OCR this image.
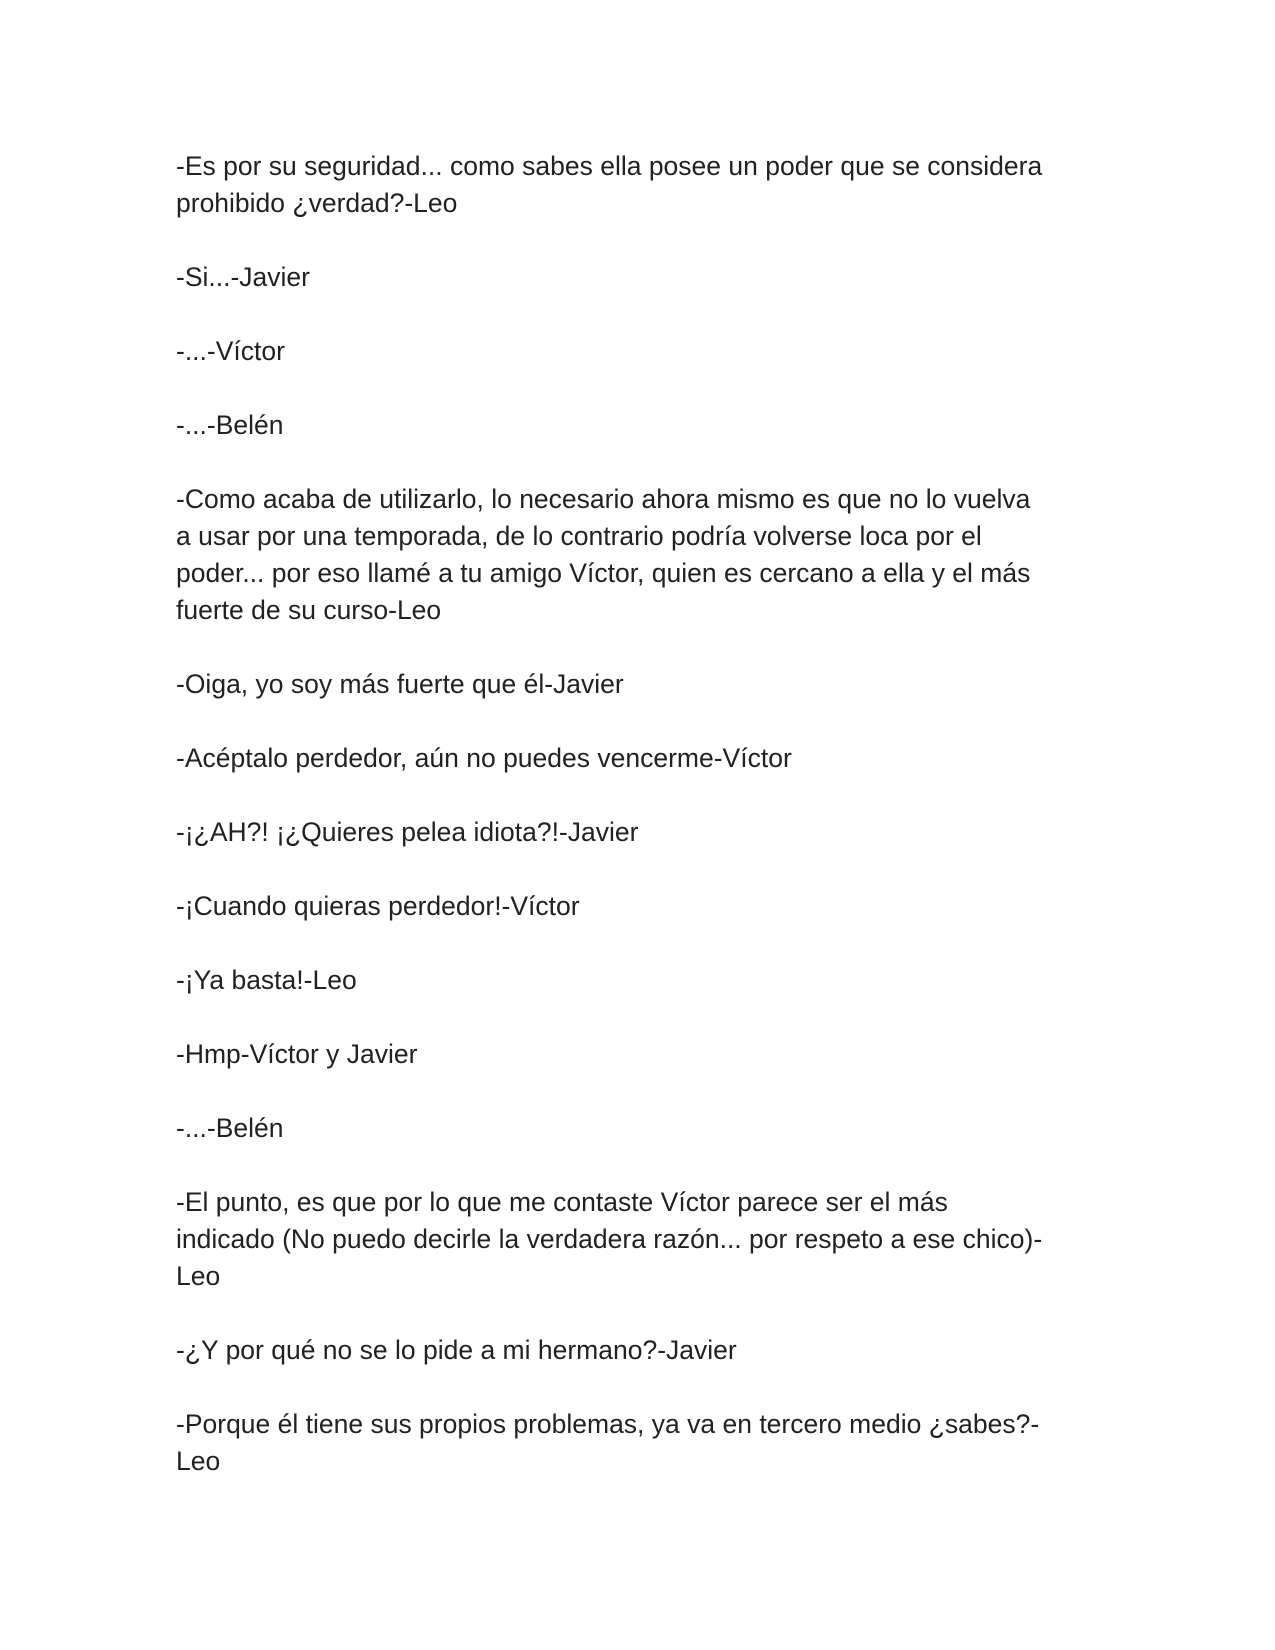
-Es por su seguridad... como sabes ella posee un poder que se considera
prohibido ¿verdad?-Leo

-Si...-Javier

-...-Víctor

-...-Belén

-Como acaba de utilizarlo, lo necesario ahora mismo es que no lo vuelva
a usar por una temporada, de lo contrario podría volverse loca por el
poder... por eso llamé a tu amigo Víctor, quien es cercano a ella y el más
fuerte de su curso-Leo

-Oiga, yo soy más fuerte que él-Javier

-Acéptalo perdedor, aún no puedes vencerme-Víctor

-¡¿AH?! ¡¿Quieres pelea idiota?!-Javier

-¡Cuando quieras perdedor!-Víctor

-¡Ya basta!-Leo

-Hmp-Víctor y Javier

-...-Belén

-El punto, es que por lo que me contaste Víctor parece ser el más
indicado (No puedo decirle la verdadera razón... por respeto a ese chico)-
Leo

-¿Y por qué no se lo pide a mi hermano?-Javier

-Porque él tiene sus propios problemas, ya va en tercero medio ¿sabes?-
Leo
